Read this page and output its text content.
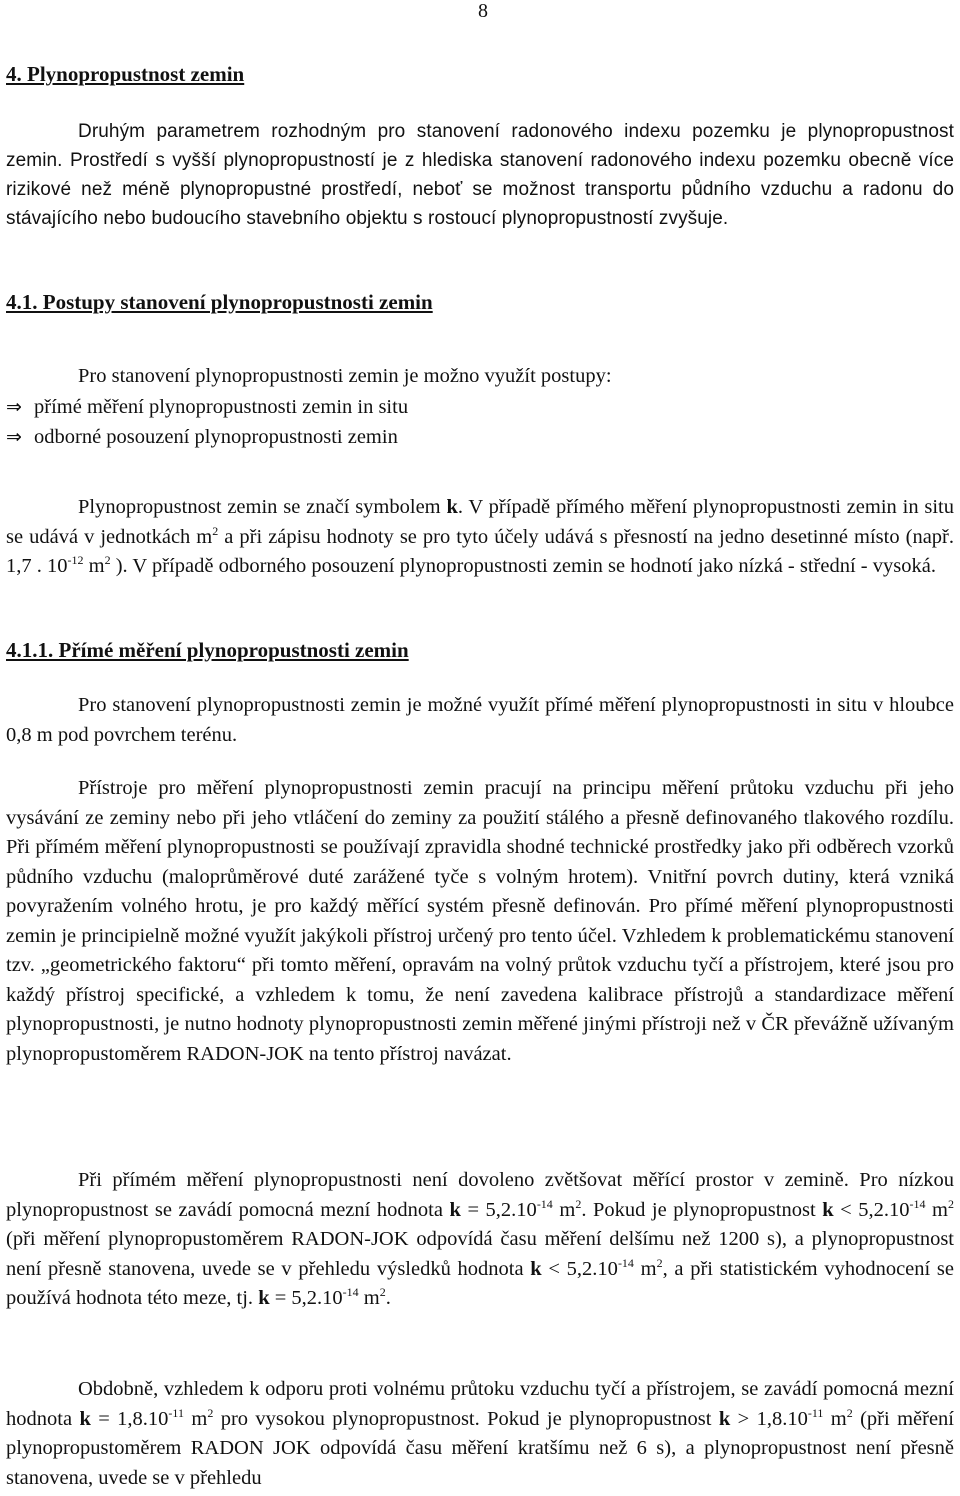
8
4. Plynopropustnost zemin

Druhým parametrem rozhodným pro stanovení radonového indexu pozemku je plynopropustnost zemin. Prostředí s vyšší plynopropustností je z hlediska stanovení radonového indexu pozemku obecně více rizikové než méně plynopropustné prostředí, neboť se možnost transportu půdního vzduchu a radonu do stávajícího nebo budoucího stavebního objektu s rostoucí plynopropustností zvyšuje.

4.1. Postupy stanovení plynopropustnosti zemin

Pro stanovení plynopropustnosti zemin je možno využít postupy:

⇒ přímé měření plynopropustnosti zemin in situ
⇒ odborné posouzení plynopropustnosti zemin

Plynopropustnost zemin se značí symbolem k. V případě přímého měření plynopropustnosti zemin in situ se udává v jednotkách $m^2$ a při zápisu hodnoty se pro tyto účely udává s přesností na jedno desetinné místo (např. 1,7 . $10^{-12}$ $m^2$ ). V případě odborného posouzení plynopropustnosti zemin se hodnotí jako nízká - střední - vysoká.

4.1.1. Přímé měření plynopropustnosti zemin

Pro stanovení plynopropustnosti zemin je možné využít přímé měření plynopropustnosti in situ v hloubce 0,8 m pod povrchem terénu.

Přístroje pro měření plynopropustnosti zemin pracují na principu měření průtoku vzduchu při jeho vysávání ze zeminy nebo při jeho vtláčení do zeminy za použití stálého a přesně definovaného tlakového rozdílu. Při přímém měření plynopropustnosti se používají zpravidla shodné technické prostředky jako při odběrech vzorků půdního vzduchu (maloprůměrové duté zarážené tyče s volným hrotem). Vnitřní povrch dutiny, která vzniká povyražením volného hrotu, je pro každý měřící systém přesně definován. Pro přímé měření plynopropustnosti zemin je principielně možné využít jakýkoli přístroj určený pro tento účel. Vzhledem k problematickému stanovení tzv. „geometrického faktoru“ při tomto měření, opravám na volný průtok vzduchu tyčí a přístrojem, které jsou pro každý přístroj specifické, a vzhledem k tomu, že není zavedena kalibrace přístrojů a standardizace měření plynopropustnosti, je nutno hodnoty plynopropustnosti zemin měřené jinými přístroji než v ČR převážně užívaným plynopropustoměrem RADON-JOK na tento přístroj navázat.

Při přímém měření plynopropustnosti není dovoleno zvětšovat měřící prostor v zemině. Pro nízkou plynopropustnost se zavádí pomocná mezní hodnota $k = 5,2.10^{-14}$ $m^2$. Pokud je plynopropustnost $k < 5,2.10^{-14}$ $m^2$ (při měření plynopropustoměrem RADON-JOK odpovídá času měření delšímu než 1200 s), a plynopropustnost není přesně stanovena, uvede se v přehledu výsledků hodnota $k < 5,2.10^{-14}$ $m^2$, a při statistickém vyhodnocení se používá hodnota této meze, tj. $k = 5,2.10^{-14}$ $m^2$.

Obdobně, vzhledem k odporu proti volnému průtoku vzduchu tyčí a přístrojem, se zavádí pomocná mezní hodnota $k = 1,8.10^{-11}$ $m^2$ pro vysokou plynopropustnost. Pokud je plynopropustnost $k > 1,8.10^{-11}$ $m^2$ (při měření plynopropustoměrem RADON JOK odpovídá času měření kratšímu než 6 s), a plynopropustnost není přesně stanovena, uvede se v přehledu
